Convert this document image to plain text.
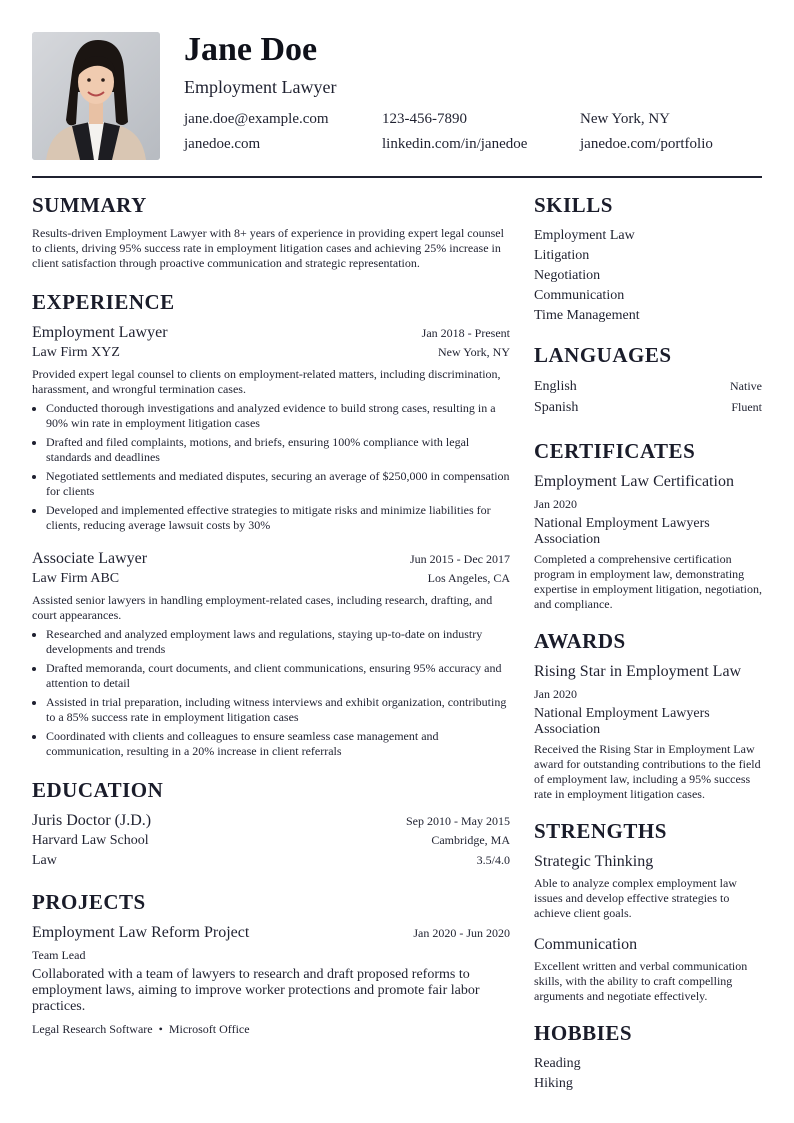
Jane Doe
Employment Lawyer
jane.doe@example.com	123-456-7890	New York, NY
janedoe.com	linkedin.com/in/janedoe	janedoe.com/portfolio
SUMMARY
Results-driven Employment Lawyer with 8+ years of experience in providing expert legal counsel to clients, driving 95% success rate in employment litigation cases and achieving 25% increase in client satisfaction through proactive communication and strategic representation.
EXPERIENCE
Employment Lawyer	Jan 2018 - Present
Law Firm XYZ	New York, NY
Provided expert legal counsel to clients on employment-related matters, including discrimination, harassment, and wrongful termination cases.
• Conducted thorough investigations and analyzed evidence to build strong cases, resulting in a 90% win rate in employment litigation cases
• Drafted and filed complaints, motions, and briefs, ensuring 100% compliance with legal standards and deadlines
• Negotiated settlements and mediated disputes, securing an average of $250,000 in compensation for clients
• Developed and implemented effective strategies to mitigate risks and minimize liabilities for clients, reducing average lawsuit costs by 30%
Associate Lawyer	Jun 2015 - Dec 2017
Law Firm ABC	Los Angeles, CA
Assisted senior lawyers in handling employment-related cases, including research, drafting, and court appearances.
• Researched and analyzed employment laws and regulations, staying up-to-date on industry developments and trends
• Drafted memoranda, court documents, and client communications, ensuring 95% accuracy and attention to detail
• Assisted in trial preparation, including witness interviews and exhibit organization, contributing to a 85% success rate in employment litigation cases
• Coordinated with clients and colleagues to ensure seamless case management and communication, resulting in a 20% increase in client referrals
EDUCATION
Juris Doctor (J.D.)	Sep 2010 - May 2015
Harvard Law School	Cambridge, MA
Law	3.5/4.0
PROJECTS
Employment Law Reform Project	Jan 2020 - Jun 2020
Team Lead
Collaborated with a team of lawyers to research and draft proposed reforms to employment laws, aiming to improve worker protections and promote fair labor practices.
Legal Research Software • Microsoft Office
SKILLS
Employment Law
Litigation
Negotiation
Communication
Time Management
LANGUAGES
English	Native
Spanish	Fluent
CERTIFICATES
Employment Law Certification
Jan 2020
National Employment Lawyers Association
Completed a comprehensive certification program in employment law, demonstrating expertise in employment litigation, negotiation, and compliance.
AWARDS
Rising Star in Employment Law
Jan 2020
National Employment Lawyers Association
Received the Rising Star in Employment Law award for outstanding contributions to the field of employment law, including a 95% success rate in employment litigation cases.
STRENGTHS
Strategic Thinking
Able to analyze complex employment law issues and develop effective strategies to achieve client goals.
Communication
Excellent written and verbal communication skills, with the ability to craft compelling arguments and negotiate effectively.
HOBBIES
Reading
Hiking
